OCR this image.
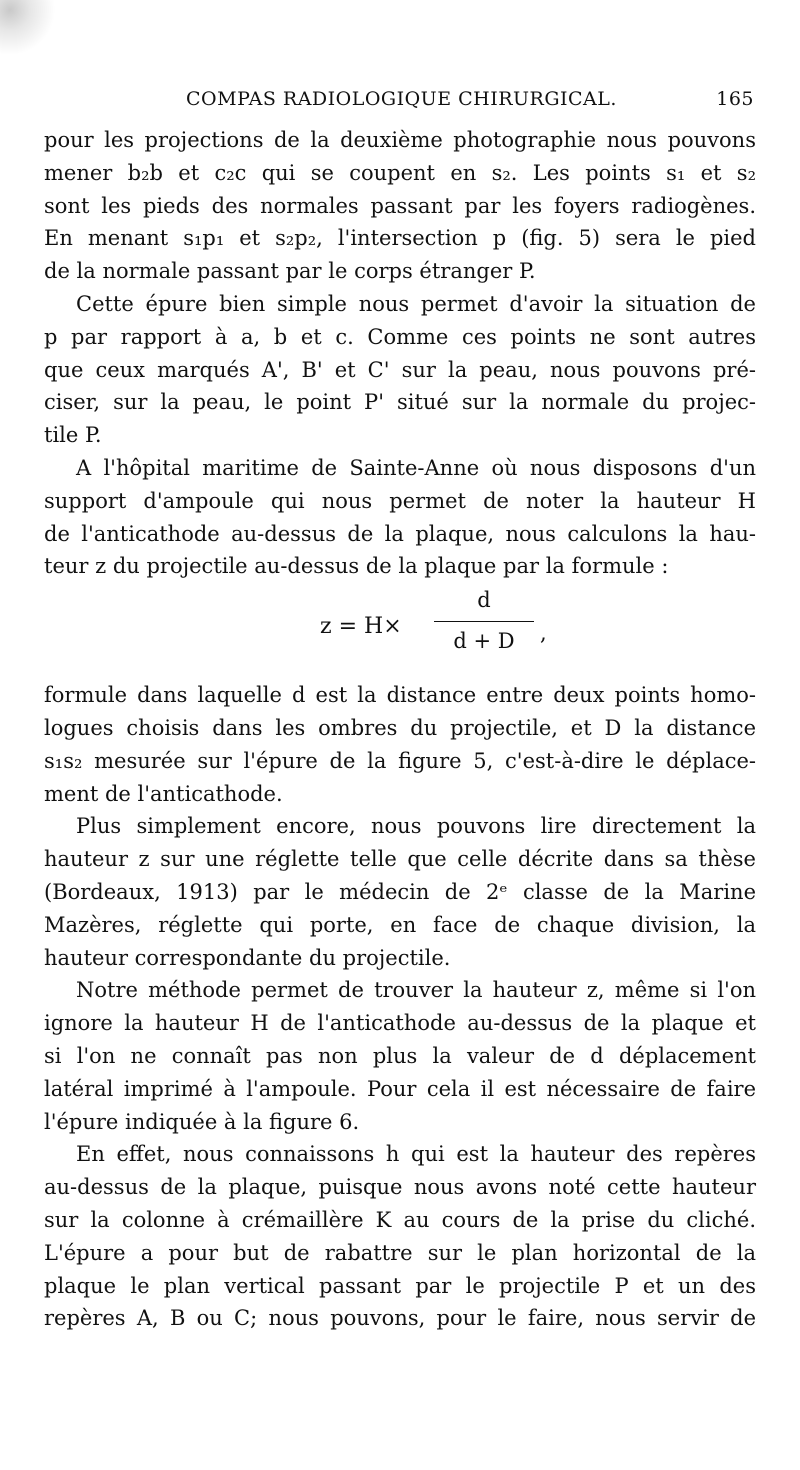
COMPAS RADIOLOGIQUE CHIRURGICAL.	165

pour les projections de la deuxième photographie nous pouvons
mener b₂b et c₂c qui se coupent en s₂. Les points s₁ et s₂
sont les pieds des normales passant par les foyers radiogènes.
En menant s₁p₁ et s₂p₂, l'intersection p (fig. 5) sera le pied
de la normale passant par le corps étranger P.

Cette épure bien simple nous permet d'avoir la situation de
p par rapport à a, b et c. Comme ces points ne sont autres
que ceux marqués A', B' et C' sur la peau, nous pouvons pré-
ciser, sur la peau, le point P' situé sur la normale du projec-
tile P.

A l'hôpital maritime de Sainte-Anne où nous disposons d'un
support d'ampoule qui nous permet de noter la hauteur H
de l'anticathode au-dessus de la plaque, nous calculons la hau-
teur z du projectile au-dessus de la plaque par la formule :

z = H×
d
d + D	,

formule dans laquelle d est la distance entre deux points homo-
logues choisis dans les ombres du projectile, et D la distance
s₁s₂ mesurée sur l'épure de la figure 5, c'est-à-dire le déplace-
ment de l'anticathode.

Plus simplement encore, nous pouvons lire directement la
hauteur z sur une réglette telle que celle décrite dans sa thèse
(Bordeaux, 1913) par le médecin de 2ᵉ classe de la Marine
Mazères, réglette qui porte, en face de chaque division, la
hauteur correspondante du projectile.

Notre méthode permet de trouver la hauteur z, même si l'on
ignore la hauteur H de l'anticathode au-dessus de la plaque et
si l'on ne connaît pas non plus la valeur de d déplacement
latéral imprimé à l'ampoule. Pour cela il est nécessaire de faire
l'épure indiquée à la figure 6.

En effet, nous connaissons h qui est la hauteur des repères
au-dessus de la plaque, puisque nous avons noté cette hauteur
sur la colonne à crémaillère K au cours de la prise du cliché.
L'épure a pour but de rabattre sur le plan horizontal de la
plaque le plan vertical passant par le projectile P et un des
repères A, B ou C; nous pouvons, pour le faire, nous servir de
